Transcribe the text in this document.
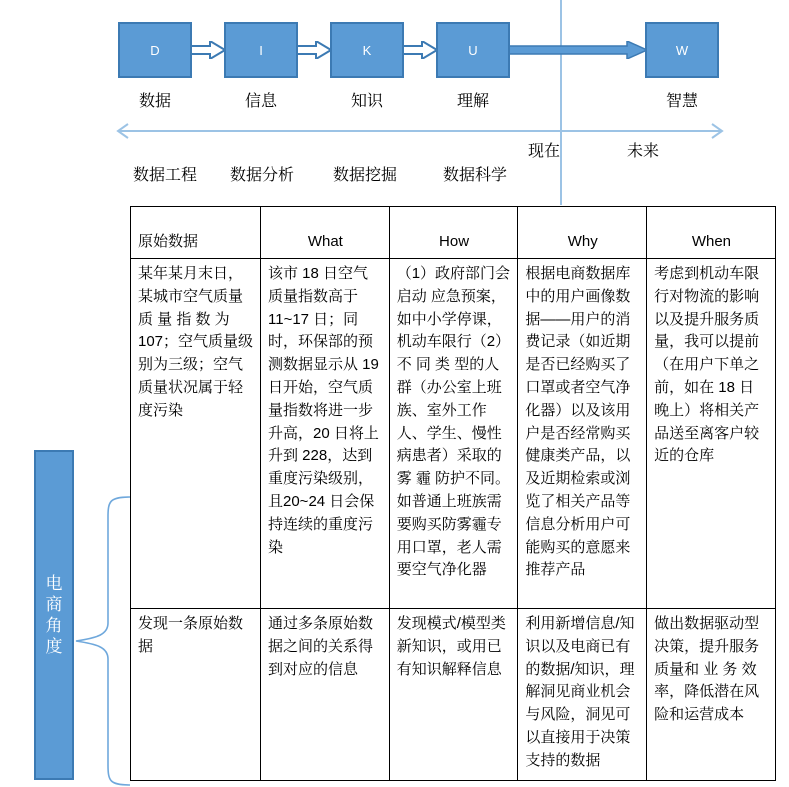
D	I	K	U	W
数据	信息	知识	理解	智慧
现在	未来
数据工程 数据分析 数据挖掘	数据科学
电商角度
原始数据	What	How	Why	When
某年某月末日，某城市空气质量质 量 指 数 为107；空气质量级别为三级；空气质量状况属于轻度污染	该市 18 日空气质量指数高于11~17 日；同时，环保部的预测数据显示从 19 日开始，空气质量指数将进一步升高，20 日将上升到 228，达到重度污染级别，且20~24 日会保持连续的重度污染	（1）政府部门会启动 应急预案，如中小学停课，机动车限行（2）不 同 类 型的人群（办公室上班族、室外工作人、学生、慢性病患者）采取的 雾 霾 防护不同。如普通上班族需要购买防雾霾专用口罩，老人需要空气净化器	根据电商数据库中的用户画像数据——用户的消费记录（如近期是否已经购买了口罩或者空气净化器）以及该用户是否经常购买健康类产品，以及近期检索或浏览了相关产品等信息分析用户可能购买的意愿来推荐产品	考虑到机动车限行对物流的影响以及提升服务质量，我可以提前（在用户下单之前，如在 18 日晚上）将相关产品送至离客户较近的仓库
发现一条原始数据	通过多条原始数据之间的关系得到对应的信息	发现模式/模型类新知识，或用已有知识解释信息	利用新增信息/知识以及电商已有的数据/知识，理解洞见商业机会与风险，洞见可以直接用于决策支持的数据	做出数据驱动型决策，提升服务质量和 业 务 效率，降低潜在风险和运营成本
